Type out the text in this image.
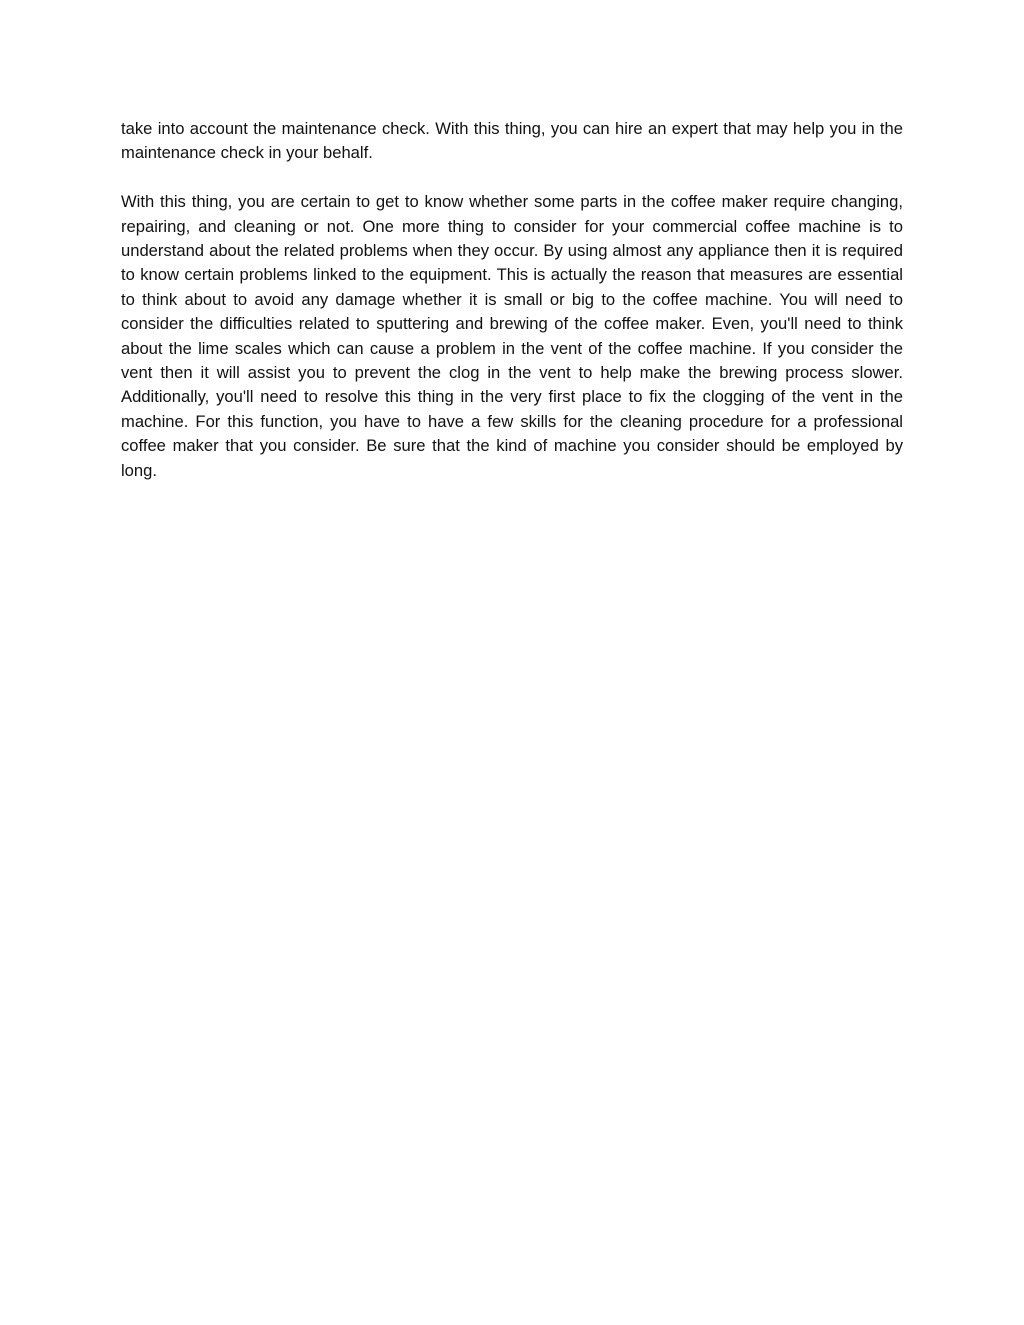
take into account the maintenance check. With this thing, you can hire an expert that may help you in the maintenance check in your behalf.

With this thing, you are certain to get to know whether some parts in the coffee maker require changing, repairing, and cleaning or not. One more thing to consider for your commercial coffee machine is to understand about the related problems when they occur. By using almost any appliance then it is required to know certain problems linked to the equipment. This is actually the reason that measures are essential to think about to avoid any damage whether it is small or big to the coffee machine. You will need to consider the difficulties related to sputtering and brewing of the coffee maker. Even, you'll need to think about the lime scales which can cause a problem in the vent of the coffee machine. If you consider the vent then it will assist you to prevent the clog in the vent to help make the brewing process slower. Additionally, you'll need to resolve this thing in the very first place to fix the clogging of the vent in the machine. For this function, you have to have a few skills for the cleaning procedure for a professional coffee maker that you consider. Be sure that the kind of machine you consider should be employed by long.
